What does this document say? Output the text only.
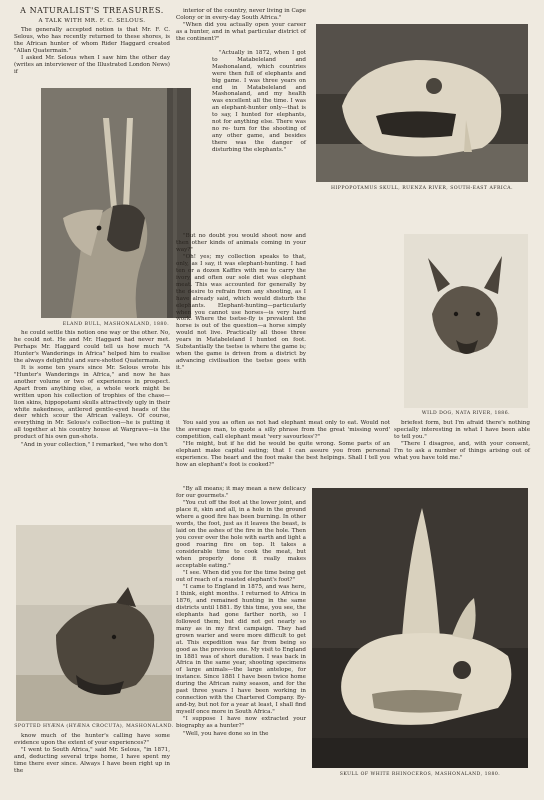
A NATURALIST'S TREASURES.
A TALK WITH MR. F. C. SELOUS.

The generally accepted notion is that Mr. F. C. Selous, who has recently returned to these shores, is the African hunter of whom Rider Haggard created "Allan Quatermain."

I asked Mr. Selous when I saw him the other day (writes an interviewer of the Illustrated London News) if

ELAND BULL, MASHONALAND, 1880.

he could settle this notion one way or the other. No, he could not. He and Mr. Haggard had never met. Perhaps Mr. Haggard could tell us how much "A Hunter's Wanderings in Africa" helped him to realise the always delightful and sure-shotted Quatermain.

It is some ten years since Mr. Selous wrote his "Hunter's Wanderings in Africa," and now he has another volume or two of experiences in prospect. Apart from anything else, a whole work might be written upon his collection of trophies of the chase—lion skins, hippopotami skulls attractively ugly in their white nakedness, antlered gentle-eyed heads of the deer which scour the African valleys. Of course, everything in Mr. Selous's collection—he is putting it all together at his country house at Wargrave—is the product of his own gun-shots.

"And in your collection," I remarked, "we who don't

SPOTTED HYÆNA (HYÆNA CROCUTA), MASHONALAND.

know much of the hunter's calling have some evidence upon the extent of your experiences?"

"I went to South Africa," said Mr. Selous, "in 1871, and, deducting several trips home, I have spent my time there ever since. Always I have been right up in the

interior of the country, never living in Cape Colony or in every-day South Africa."

"When did you actually open your career as a hunter, and in what particular district of the continent?"

"Actually in 1872, when I got to Matabeleland and Mashonaland, which countries were then full of elephants and big game. I was three years on end in Matabeleland and Mashonaland, and my health was excellent all the time. I was an elephant-hunter only—that is to say, I hunted for elephants, not for anything else. There was no re- turn for the shooting of any other game, and besides there was the danger of disturbing the elephants."

HIPPOPOTAMUS SKULL, RUENZA RIVER, SOUTH-EAST AFRICA.

"But no doubt you would shoot now and then other kinds of animals coming in your way?"

"Oh! yes; my collection speaks to that, only, as I say, it was elephant-hunting. I had ten or a dozen Kaffirs with me to carry the ivory, and often our sole diet was elephant meat. This was accounted for generally by the desire to refrain from any shooting, as I have already said, which would disturb the elephants. Elephant-hunting—particularly when you cannot use horses—is very hard work. Where the tsetse-fly is prevalent the horse is out of the question—a horse simply would not live. Practically all those three years in Matabeleland I hunted on foot. Substantially the tsetse is where the game is; when the game is driven from a district by advancing civilisation the tsetse goes with it."

WILD DOG, NATA RIVER, 1886.

You said you as often as not had elephant meat only to eat. Would not the average man, to quote a silly phrase from the great 'missing word' competition, call elephant meat 'very savourless'?"

"He might, but if he did he would be quite wrong. Some parts of an elephant make capital eating; that I can assure you from personal experience. The heart and the foot make the best helpings. Shall I tell you how an elephant's foot is cooked?"

briefest form, but I'm afraid there's nothing specially interesting in what I have been able to tell you."

"There I disagree, and, with your consent, I'm to ask a number of things arising out of what you have told me."

"By all means; it may mean a new delicacy for our gourmets."

"You cut off the foot at the lower joint, and place it, skin and all, in a hole in the ground where a good fire has been burning. In other words, the foot, just as it leaves the beast, is laid on the ashes of the fire in the hole. Then you cover over the hole with earth and light a good roaring fire on top. It takes a considerable time to cook the meat, but when properly done it really makes acceptable eating."

"I see. When did you for the time being get out of reach of a roasted elephant's foot?"

"I came to England in 1875, and was here, I think, eight months. I returned to Africa in 1876, and remained hunting in the same districts until 1881. By this time, you see, the elephants had gone farther north, so I followed them; but did not get nearly so many as in my first campaign. They had grown warier and were more difficult to get at. This expedition was far from being so good as the previous one. My visit to England in 1881 was of short duration. I was back in Africa in the same year, shooting specimens of large animals—the large antelope, for instance. Since 1881 I have been twice home during the African rainy season, and for the past three years I have been working in connection with the Chartered Company. By-and-by, but not for a year at least, I shall find myself once more in South Africa."

"I suppose I have now extracted your biography as a hunter?"

"Well, you have done so in the

SKULL OF WHITE RHINOCEROS, MASHONALAND, 1880.
